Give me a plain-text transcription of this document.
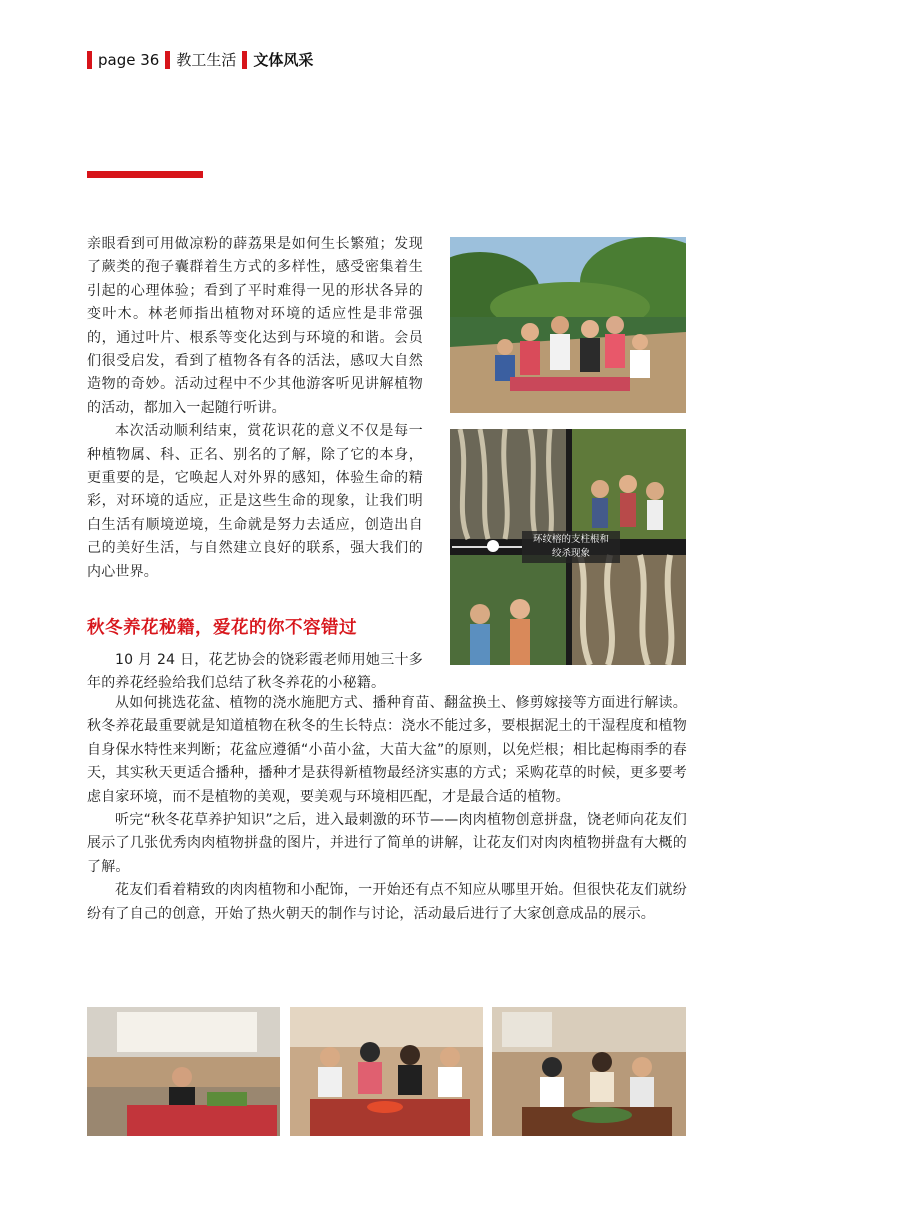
page 36 教工生活 文体风采

亲眼看到可用做凉粉的薜荔果是如何生长繁殖；发现了蕨类的孢子囊群着生方式的多样性，感受密集着生引起的心理体验；看到了平时难得一见的形状各异的变叶木。林老师指出植物对环境的适应性是非常强的，通过叶片、根系等变化达到与环境的和谐。会员们很受启发，看到了植物各有各的活法，感叹大自然造物的奇妙。活动过程中不少其他游客听见讲解植物的活动，都加入一起随行听讲。

本次活动顺利结束，赏花识花的意义不仅是每一种植物属、科、正名、别名的了解，除了它的本身，更重要的是，它唤起人对外界的感知，体验生命的精彩，对环境的适应，正是这些生命的现象，让我们明白生活有顺境逆境，生命就是努力去适应，创造出自己的美好生活，与自然建立良好的联系，强大我们的内心世界。

秋冬养花秘籍，爱花的你不容错过

10 月 24 日，花艺协会的饶彩霞老师用她三十多年的养花经验给我们总结了秋冬养花的小秘籍。

从如何挑选花盆、植物的浇水施肥方式、播种育苗、翻盆换土、修剪嫁接等方面进行解读。秋冬养花最重要就是知道植物在秋冬的生长特点：浇水不能过多，要根据泥土的干湿程度和植物自身保水特性来判断；花盆应遵循“小苗小盆，大苗大盆”的原则，以免烂根；相比起梅雨季的春天，其实秋天更适合播种，播种才是获得新植物最经济实惠的方式；采购花草的时候，更多要考虑自家环境，而不是植物的美观，要美观与环境相匹配，才是最合适的植物。

听完“秋冬花草养护知识”之后，进入最刺激的环节——肉肉植物创意拼盘，饶老师向花友们展示了几张优秀肉肉植物拼盘的图片，并进行了简单的讲解，让花友们对肉肉植物拼盘有大概的了解。

花友们看着精致的肉肉植物和小配饰，一开始还有点不知应从哪里开始。但很快花友们就纷纷有了自己的创意，开始了热火朝天的制作与讨论，活动最后进行了大家创意成品的展示。

环纹榕的支柱根和
绞杀现象
